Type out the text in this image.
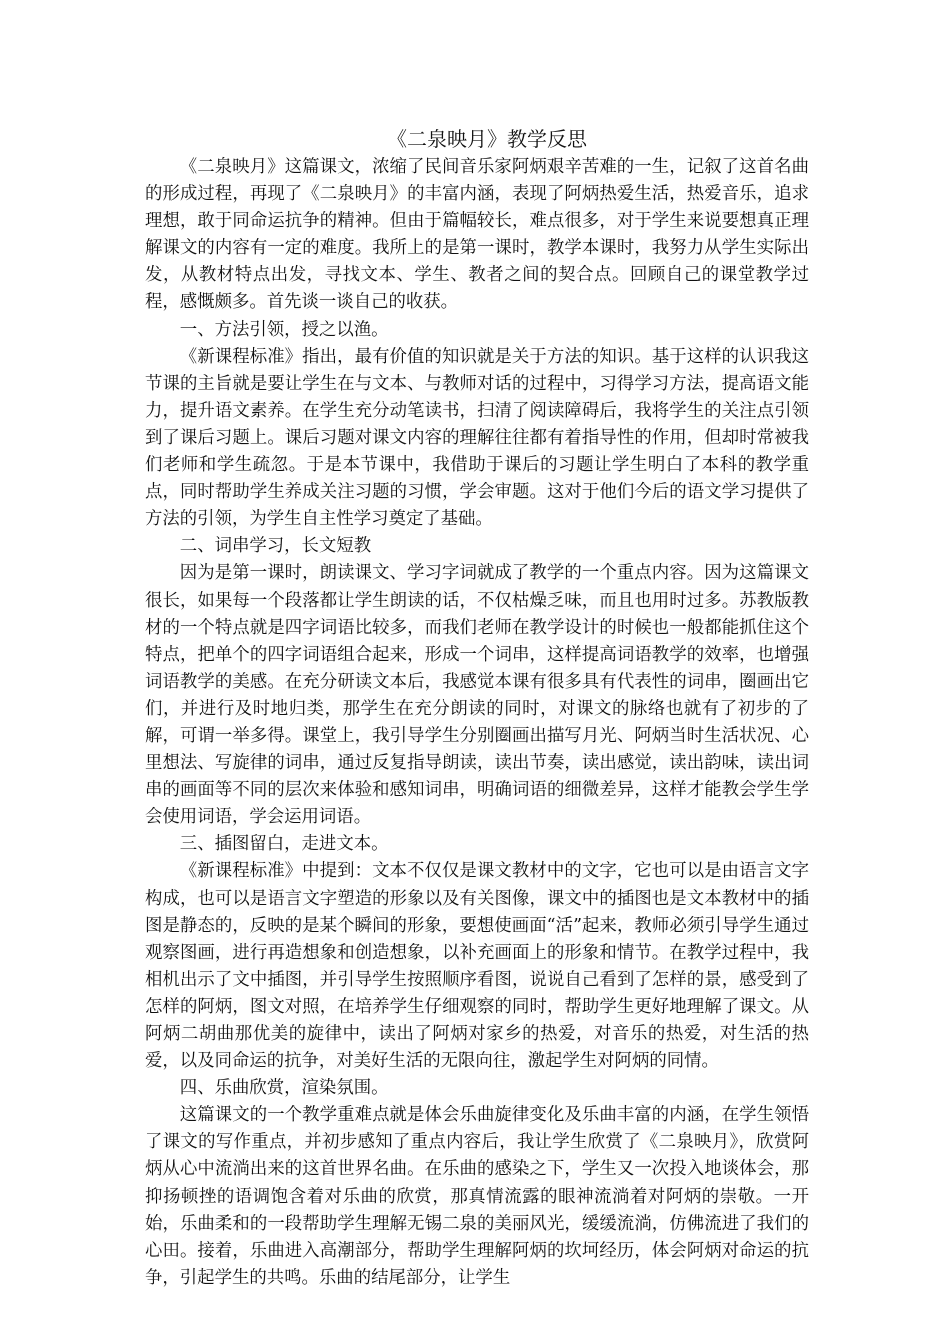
《二泉映月》教学反思

《二泉映月》这篇课文，浓缩了民间音乐家阿炳艰辛苦难的一生，记叙了这首名曲的形成过程，再现了《二泉映月》的丰富内涵，表现了阿炳热爱生活，热爱音乐，追求理想，敢于同命运抗争的精神。但由于篇幅较长，难点很多，对于学生来说要想真正理解课文的内容有一定的难度。我所上的是第一课时，教学本课时，我努力从学生实际出发，从教材特点出发，寻找文本、学生、教者之间的契合点。回顾自己的课堂教学过程，感慨颇多。首先谈一谈自己的收获。

一、方法引领，授之以渔。

《新课程标准》指出，最有价值的知识就是关于方法的知识。基于这样的认识我这节课的主旨就是要让学生在与文本、与教师对话的过程中，习得学习方法，提高语文能力，提升语文素养。在学生充分动笔读书，扫清了阅读障碍后，我将学生的关注点引领到了课后习题上。课后习题对课文内容的理解往往都有着指导性的作用，但却时常被我们老师和学生疏忽。于是本节课中，我借助于课后的习题让学生明白了本科的教学重点，同时帮助学生养成关注习题的习惯，学会审题。这对于他们今后的语文学习提供了方法的引领，为学生自主性学习奠定了基础。

二、词串学习，长文短教

因为是第一课时，朗读课文、学习字词就成了教学的一个重点内容。因为这篇课文很长，如果每一个段落都让学生朗读的话，不仅枯燥乏味，而且也用时过多。苏教版教材的一个特点就是四字词语比较多，而我们老师在教学设计的时候也一般都能抓住这个特点，把单个的四字词语组合起来，形成一个词串，这样提高词语教学的效率，也增强词语教学的美感。在充分研读文本后，我感觉本课有很多具有代表性的词串，圈画出它们，并进行及时地归类，那学生在充分朗读的同时，对课文的脉络也就有了初步的了解，可谓一举多得。课堂上，我引导学生分别圈画出描写月光、阿炳当时生活状况、心里想法、写旋律的词串，通过反复指导朗读，读出节奏，读出感觉，读出韵味，读出词串的画面等不同的层次来体验和感知词串，明确词语的细微差异，这样才能教会学生学会使用词语，学会运用词语。

三、插图留白，走进文本。

《新课程标准》中提到：文本不仅仅是课文教材中的文字，它也可以是由语言文字构成，也可以是语言文字塑造的形象以及有关图像，课文中的插图也是文本教材中的插图是静态的，反映的是某个瞬间的形象，要想使画面“活”起来，教师必须引导学生通过观察图画，进行再造想象和创造想象，以补充画面上的形象和情节。在教学过程中，我相机出示了文中插图，并引导学生按照顺序看图，说说自己看到了怎样的景，感受到了怎样的阿炳，图文对照，在培养学生仔细观察的同时，帮助学生更好地理解了课文。从阿炳二胡曲那优美的旋律中，读出了阿炳对家乡的热爱，对音乐的热爱，对生活的热爱，以及同命运的抗争，对美好生活的无限向往，激起学生对阿炳的同情。

四、乐曲欣赏，渲染氛围。

这篇课文的一个教学重难点就是体会乐曲旋律变化及乐曲丰富的内涵，在学生领悟了课文的写作重点，并初步感知了重点内容后，我让学生欣赏了《二泉映月》，欣赏阿炳从心中流淌出来的这首世界名曲。在乐曲的感染之下，学生又一次投入地谈体会，那抑扬顿挫的语调饱含着对乐曲的欣赏，那真情流露的眼神流淌着对阿炳的崇敬。一开始，乐曲柔和的一段帮助学生理解无锡二泉的美丽风光，缓缓流淌，仿佛流进了我们的心田。接着，乐曲进入高潮部分，帮助学生理解阿炳的坎坷经历，体会阿炳对命运的抗争，引起学生的共鸣。乐曲的结尾部分，让学生
